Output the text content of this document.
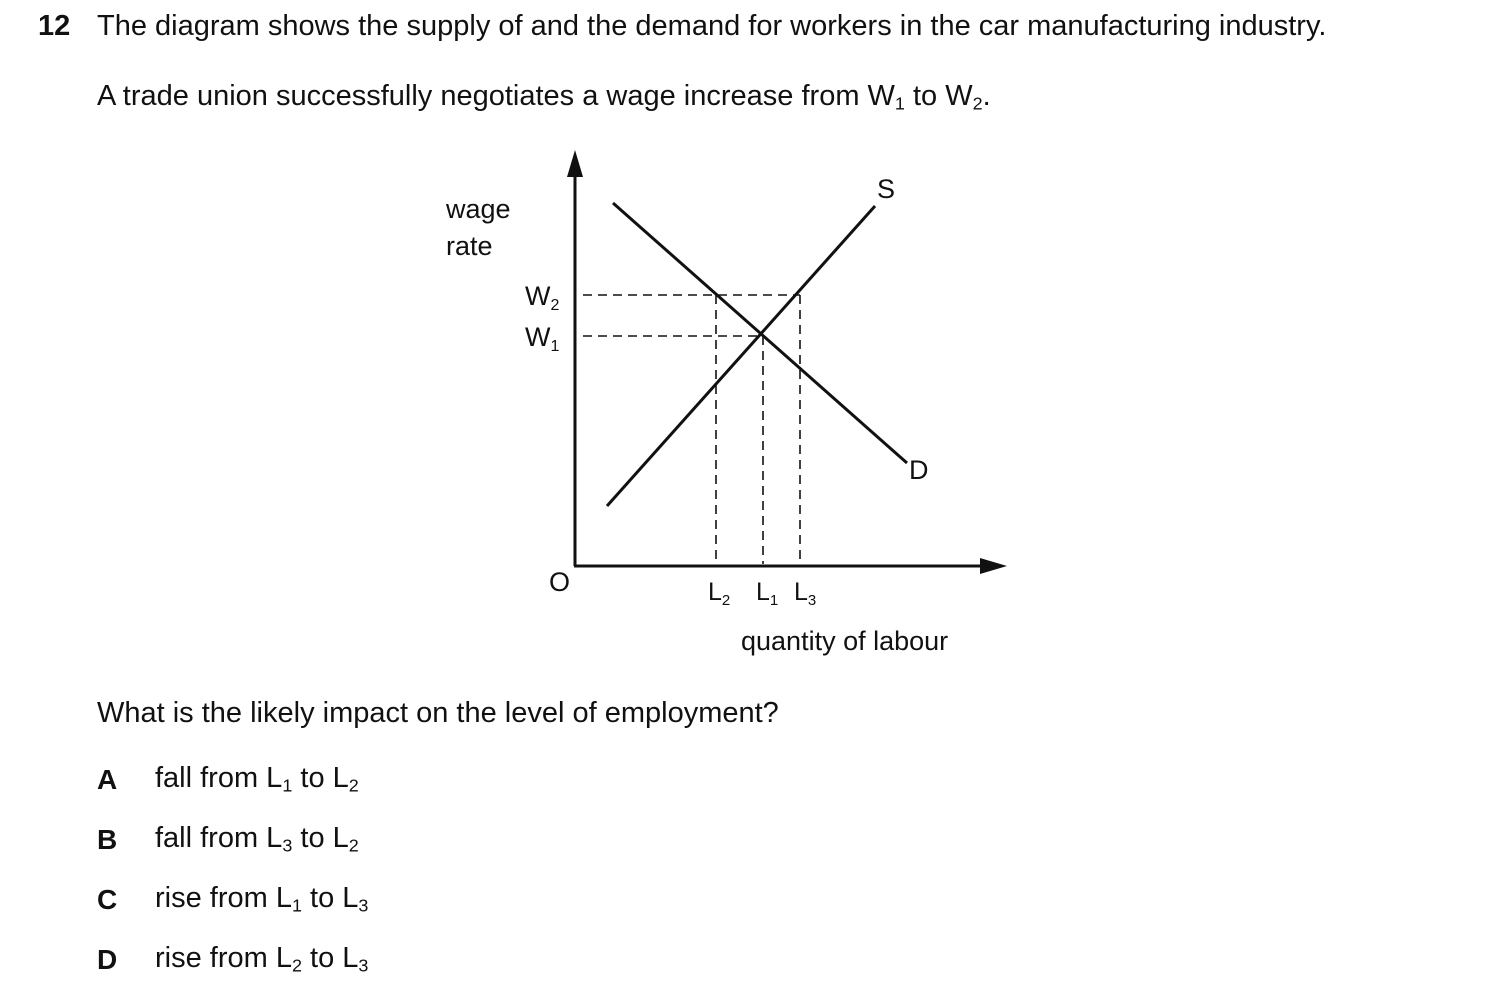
12 The diagram shows the supply of and the demand for workers in the car manufacturing industry.
A trade union successfully negotiates a wage increase from $W_1$ to $W_2$.
wage
rate
quantity of labour
O
S
D
W2
W1
$L_2$ $L_1$ $L_3$
What is the likely impact on the level of employment?
A fall from $L_1$ to $L_2$
B fall from $L_3$ to $L_2$
C rise from $L_1$ to $L_3$
D rise from $L_2$ to $L_3$
